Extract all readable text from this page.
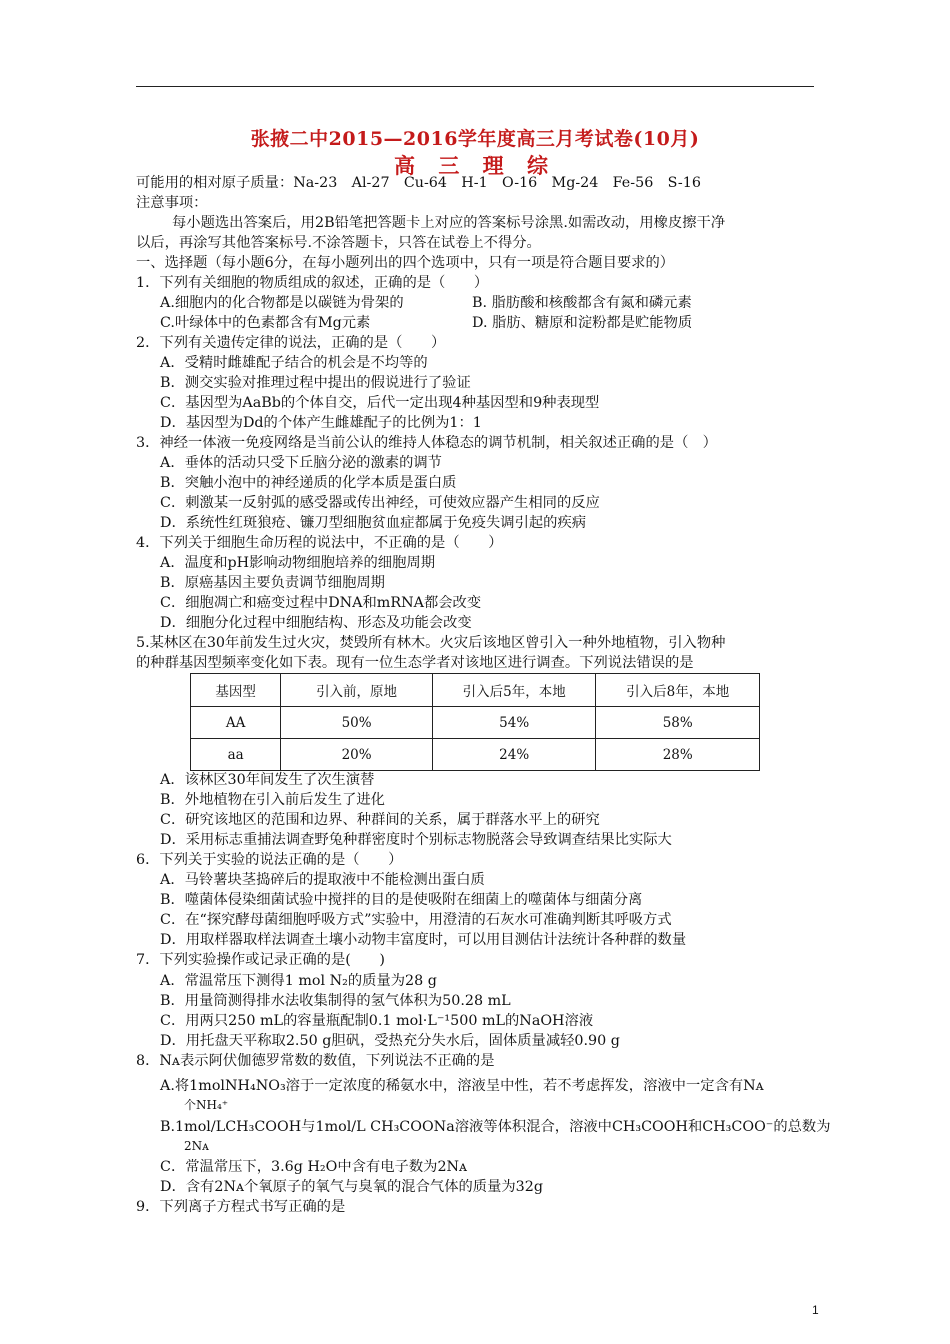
张掖二中2015—2016学年度高三月考试卷(10月)
高 三 理 综
可能用的相对原子质量：Na-23　Al-27　Cu-64　H-1　O-16　Mg-24　Fe-56　S-16
注意事项：
每小题选出答案后，用2B铅笔把答题卡上对应的答案标号涂黑.如需改动，用橡皮擦干净
以后，再涂写其他答案标号.不涂答题卡，只答在试卷上不得分。
一、选择题（每小题6分，在每小题列出的四个选项中，只有一项是符合题目要求的）
1．下列有关细胞的物质组成的叙述，正确的是（　　）
A.细胞内的化合物都是以碳链为骨架的	B. 脂肪酸和核酸都含有氮和磷元素
C.叶绿体中的色素都含有Mg元素	D. 脂肪、糖原和淀粉都是贮能物质
2．下列有关遗传定律的说法，正确的是（　　）
A．受精时雌雄配子结合的机会是不均等的
B．测交实验对推理过程中提出的假说进行了验证
C．基因型为AaBb的个体自交，后代一定出现4种基因型和9种表现型
D．基因型为Dd的个体产生雌雄配子的比例为1：1
3．神经一体液一免疫网络是当前公认的维持人体稳态的调节机制，相关叙述正确的是（　）
A．垂体的活动只受下丘脑分泌的激素的调节
B．突触小泡中的神经递质的化学本质是蛋白质
C．刺激某一反射弧的感受器或传出神经，可使效应器产生相同的反应
D．系统性红斑狼疮、镰刀型细胞贫血症都属于免疫失调引起的疾病
4．下列关于细胞生命历程的说法中，不正确的是（　　）
A．温度和pH影响动物细胞培养的细胞周期
B．原癌基因主要负责调节细胞周期
C．细胞凋亡和癌变过程中DNA和mRNA都会改变
D．细胞分化过程中细胞结构、形态及功能会改变
5.某林区在30年前发生过火灾，焚毁所有林木。火灾后该地区曾引入一种外地植物，引入物种
的种群基因型频率变化如下表。现有一位生态学者对该地区进行调查。下列说法错误的是
基因型	引入前，原地	引入后5年，本地	引入后8年，本地
AA	50%	54%	58%
aa	20%	24%	28%
A．该林区30年间发生了次生演替
B．外地植物在引入前后发生了进化
C．研究该地区的范围和边界、种群间的关系，属于群落水平上的研究
D．采用标志重捕法调查野兔种群密度时个别标志物脱落会导致调查结果比实际大
6．下列关于实验的说法正确的是（　　）
A．马铃薯块茎捣碎后的提取液中不能检测出蛋白质
B．噬菌体侵染细菌试验中搅拌的目的是使吸附在细菌上的噬菌体与细菌分离
C．在“探究酵母菌细胞呼吸方式”实验中，用澄清的石灰水可准确判断其呼吸方式
D．用取样器取样法调查土壤小动物丰富度时，可以用目测估计法统计各种群的数量
7．下列实验操作或记录正确的是(　　)
A．常温常压下测得1 mol N₂的质量为28 g
B．用量筒测得排水法收集制得的氢气体积为50.28 mL
C．用两只250 mL的容量瓶配制0.1 mol·L⁻¹500 mL的NaOH溶液
D．用托盘天平称取2.50 g胆矾，受热充分失水后，固体质量减轻0.90 g
8．Nᴀ表示阿伏伽德罗常数的数值，下列说法不正确的是
A.将1molNH₄NO₃溶于一定浓度的稀氨水中，溶液呈中性，若不考虑挥发，溶液中一定含有Nᴀ
个NH₄⁺
B.1mol/LCH₃COOH与1mol/L CH₃COONa溶液等体积混合，溶液中CH₃COOH和CH₃COO⁻的总数为
2Nᴀ
C．常温常压下，3.6g H₂O中含有电子数为2Nᴀ
D．含有2Nᴀ个氧原子的氧气与臭氧的混合气体的质量为32g
9．下列离子方程式书写正确的是
1
